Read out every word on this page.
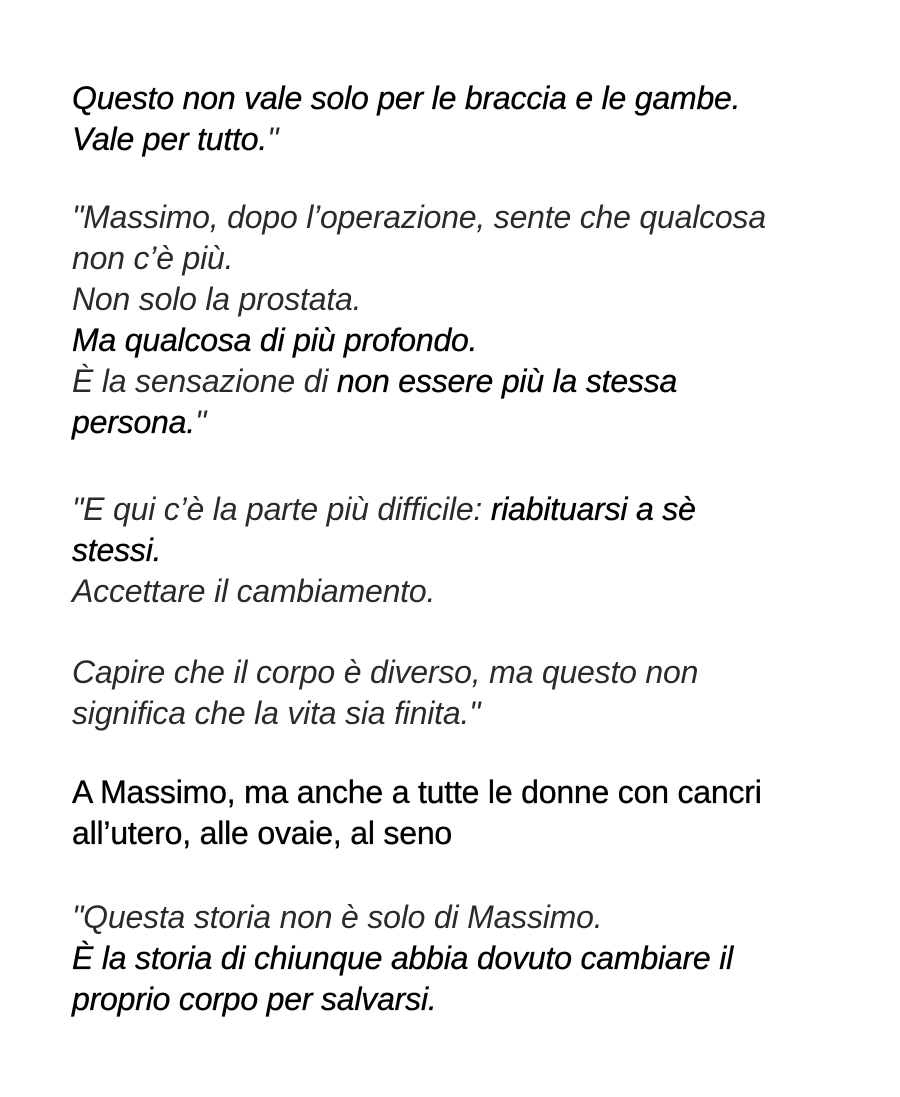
Questo non vale solo per le braccia e le gambe.
Vale per tutto."

"Massimo, dopo l’operazione, sente che qualcosa
non c’è più.
Non solo la prostata.
Ma qualcosa di più profondo.
È la sensazione di non essere più la stessa
persona."

"E qui c’è la parte più difficile: riabituarsi a sè
stessi.
Accettare il cambiamento.

Capire che il corpo è diverso, ma questo non
significa che la vita sia finita."

A Massimo, ma anche a tutte le donne con cancri
all’utero, alle ovaie, al seno

"Questa storia non è solo di Massimo.
È la storia di chiunque abbia dovuto cambiare il
proprio corpo per salvarsi.
